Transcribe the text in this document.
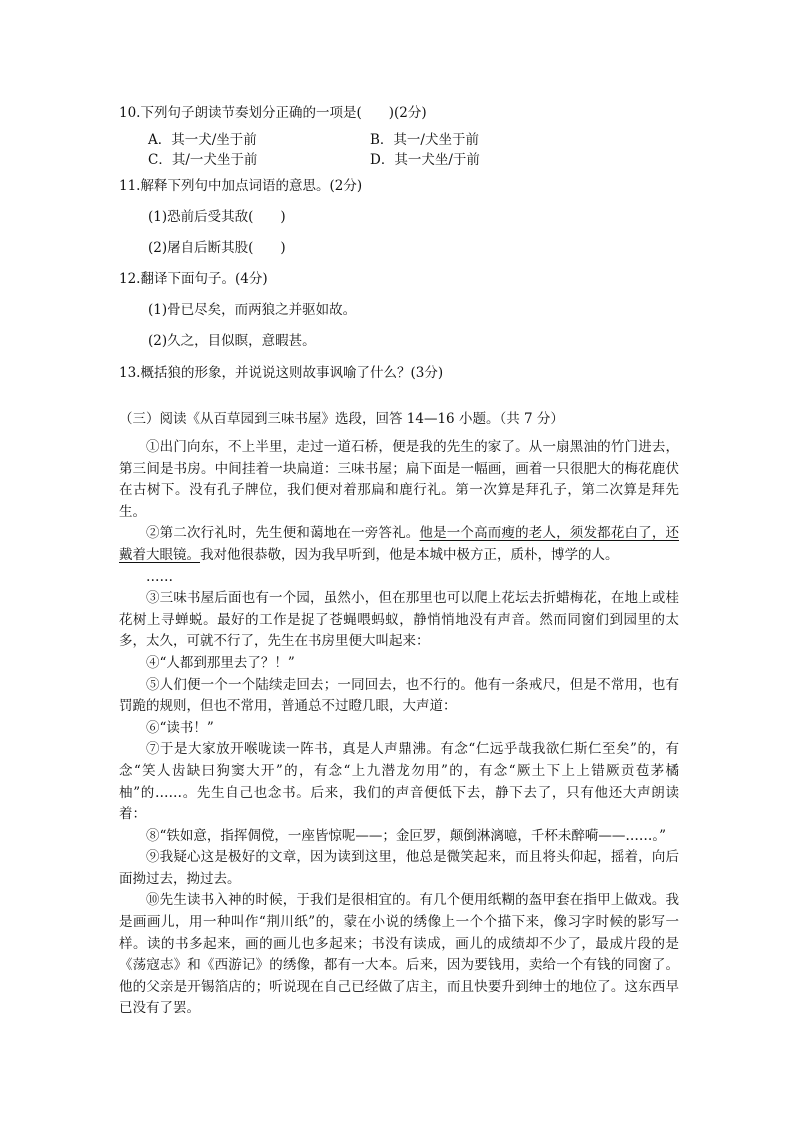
10.下列句子朗读节奏划分正确的一项是(　　)(2分)
A．其一犬/坐于前	B．其一/犬坐于前
C．其/一犬坐于前	D．其一犬坐/于前
11.解释下列句中加点词语的意思。(2分)
(1)恐前后受其敌(　　)
(2)屠自后断其股(　　)
12.翻译下面句子。(4分)
(1)骨已尽矣，而两狼之并驱如故。
(2)久之，目似瞑，意暇甚。
13.概括狼的形象，并说说这则故事讽喻了什么？(3分)
（三）阅读《从百草园到三味书屋》选段，回答 14—16 小题。（共 7 分）

①出门向东，不上半里，走过一道石桥，便是我的先生的家了。从一扇黑油的竹门进去，第三间是书房。中间挂着一块扁道：三味书屋；扁下面是一幅画，画着一只很肥大的梅花鹿伏在古树下。没有孔子牌位，我们便对着那扁和鹿行礼。第一次算是拜孔子，第二次算是拜先生。

②第二次行礼时，先生便和蔼地在一旁答礼。他是一个高而瘦的老人，须发都花白了，还戴着大眼镜。我对他很恭敬，因为我早听到，他是本城中极方正，质朴，博学的人。

……

③三味书屋后面也有一个园，虽然小，但在那里也可以爬上花坛去折蜡梅花，在地上或桂花树上寻蝉蜕。最好的工作是捉了苍蝇喂蚂蚁，静悄悄地没有声音。然而同窗们到园里的太多，太久，可就不行了，先生在书房里便大叫起来：

④“人都到那里去了？！”

⑤人们便一个一个陆续走回去；一同回去，也不行的。他有一条戒尺，但是不常用，也有罚跪的规则，但也不常用，普通总不过瞪几眼，大声道：

⑥“读书！”

⑦于是大家放开喉咙读一阵书，真是人声鼎沸。有念“仁远乎哉我欲仁斯仁至矣”的，有念“笑人齿缺曰狗窦大开”的，有念“上九潜龙勿用”的，有念“厥土下上上错厥贡苞茅橘柚”的……。先生自己也念书。后来，我们的声音便低下去，静下去了，只有他还大声朗读着：

⑧“铁如意，指挥倜傥，一座皆惊呢——；金叵罗，颠倒淋漓噫，千杯未醉嗬——……。”

⑨我疑心这是极好的文章，因为读到这里，他总是微笑起来，而且将头仰起，摇着，向后面拗过去，拗过去。

⑩先生读书入神的时候，于我们是很相宜的。有几个便用纸糊的盔甲套在指甲上做戏。我是画画儿，用一种叫作“荆川纸”的，蒙在小说的绣像上一个个描下来，像习字时候的影写一样。读的书多起来，画的画儿也多起来；书没有读成，画儿的成绩却不少了，最成片段的是《荡寇志》和《西游记》的绣像，都有一大本。后来，因为要钱用，卖给一个有钱的同窗了。他的父亲是开锡箔店的；听说现在自己已经做了店主，而且快要升到绅士的地位了。这东西早已没有了罢。
